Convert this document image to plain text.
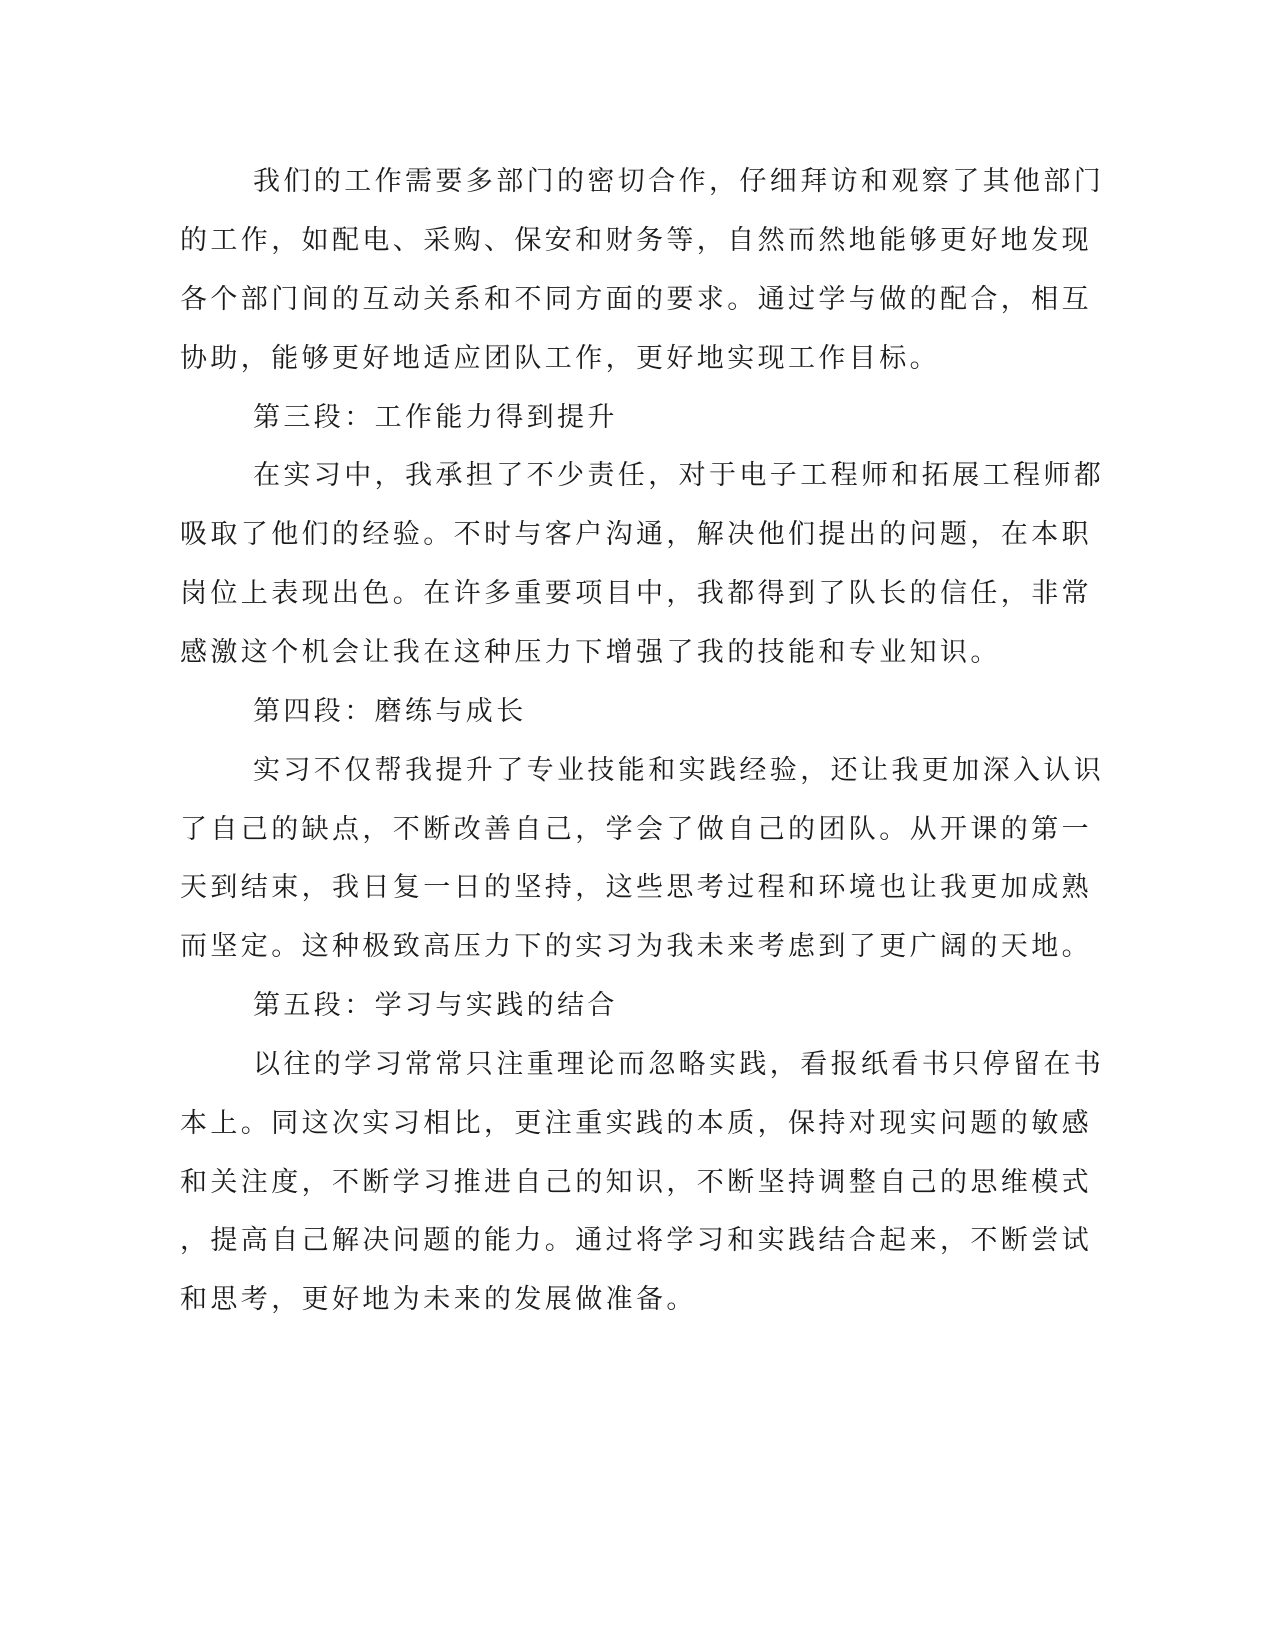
我们的工作需要多部门的密切合作，仔细拜访和观察了其他部门
的工作，如配电、采购、保安和财务等，自然而然地能够更好地发现
各个部门间的互动关系和不同方面的要求。通过学与做的配合，相互
协助，能够更好地适应团队工作，更好地实现工作目标。
第三段：工作能力得到提升
在实习中，我承担了不少责任，对于电子工程师和拓展工程师都
吸取了他们的经验。不时与客户沟通，解决他们提出的问题，在本职
岗位上表现出色。在许多重要项目中，我都得到了队长的信任，非常
感激这个机会让我在这种压力下增强了我的技能和专业知识。
第四段：磨练与成长
实习不仅帮我提升了专业技能和实践经验，还让我更加深入认识
了自己的缺点，不断改善自己，学会了做自己的团队。从开课的第一
天到结束，我日复一日的坚持，这些思考过程和环境也让我更加成熟
而坚定。这种极致高压力下的实习为我未来考虑到了更广阔的天地。
第五段：学习与实践的结合
以往的学习常常只注重理论而忽略实践，看报纸看书只停留在书
本上。同这次实习相比，更注重实践的本质，保持对现实问题的敏感
和关注度，不断学习推进自己的知识，不断坚持调整自己的思维模式
，提高自己解决问题的能力。通过将学习和实践结合起来，不断尝试
和思考，更好地为未来的发展做准备。
